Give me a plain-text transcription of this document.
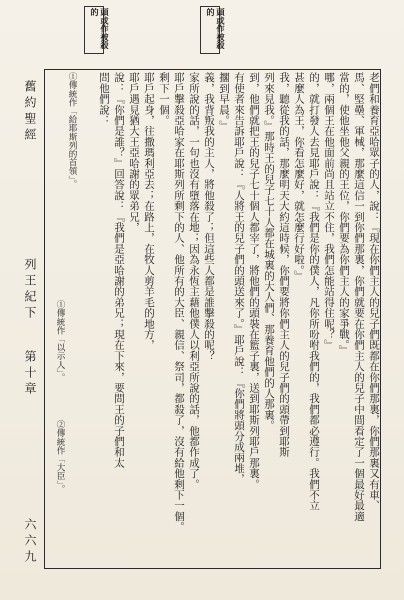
頭或作被殺的
頭或作被殺的
舊約聖經
列王紀下
第十章
六六九
老們和養育亞哈眾子的人，說：『現在你們主人的兒子們既都在你們那裏，你們那裏又有車、
馬、堅壘、軍械，那麼這信一到你們那裏，你們就要在你們主人的兒子中間看定了一個最好最適
當的，使他坐他父親的王位，你們要為你們主人的家爭戰。』
哪，兩個王在他面前尚且站立不住，我們怎能站得住呢？』
的，就打發人去見耶戶說：『我們是你的僕人，凡你所吩咐我們的，我們都必遵行。我們不立
甚麼人為王，你看怎麼好，就怎麼行好啦。』
我，聽從我的話，那麼明天大約這時候，你們要將你們主人的兒子們的頭帶到耶斯
列來見我。』那時王的兒子七十人都在城裏的大人們、那養育他們的人那裏。
到，他們就把王的兒子七十個人都宰了，將他們的頭裝在籃子裏，送到耶斯列耶戶那裏。
有使者來告訴耶戶說：『人將王的兒子們的頭送來了。』耶戶說：『你們將頭分成兩堆，
擱到早晨。』
義，我背叛我的主人，將他殺了；但這些人都是誰擊殺的呢？
家所說的話，一句也沒有墮落在地；因為永恆主藉他僕人以利亞所說的話，他都作成了。
耶戶擊殺亞哈家在耶斯列所剩下的人、他所有的大臣、親信、祭司，都殺了，沒有給他剩下一個。
剩下一個。
耶戶起身，往撒瑪利亞去；在路上，在牧人剪羊毛的地方，
耶戶遇見猶大王亞哈謝的眾弟兄，
說：『你們是誰？』回答說：『我們是亞哈謝的弟兄；現在下來，要問王的子們和太
問他們說：
①傳統作「給耶斯列的首領」。
①傳統作「以示人」。
②傳統作「大臣」。
